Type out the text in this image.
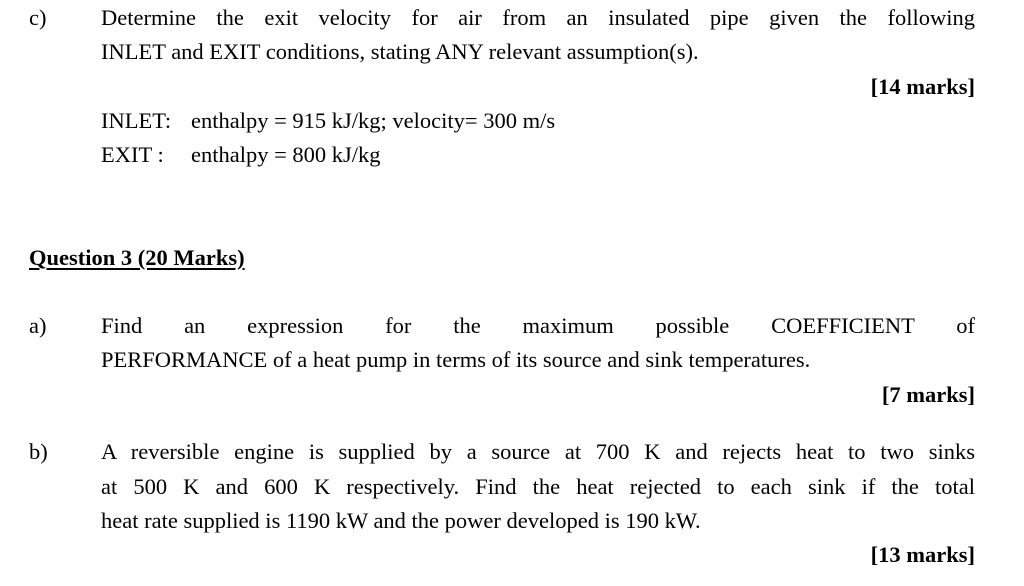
c) Determine the exit velocity for air from an insulated pipe given the following
INLET and EXIT conditions, stating ANY relevant assumption(s).
[14 marks]
INLET: enthalpy = 915 kJ/kg; velocity= 300 m/s
EXIT : enthalpy = 800 kJ/kg
Question 3 (20 Marks)
a) Find an expression for the maximum possible COEFFICIENT of
PERFORMANCE of a heat pump in terms of its source and sink temperatures.
[7 marks]
b) A reversible engine is supplied by a source at 700 K and rejects heat to two sinks
at 500 K and 600 K respectively. Find the heat rejected to each sink if the total
heat rate supplied is 1190 kW and the power developed is 190 kW.
[13 marks]
